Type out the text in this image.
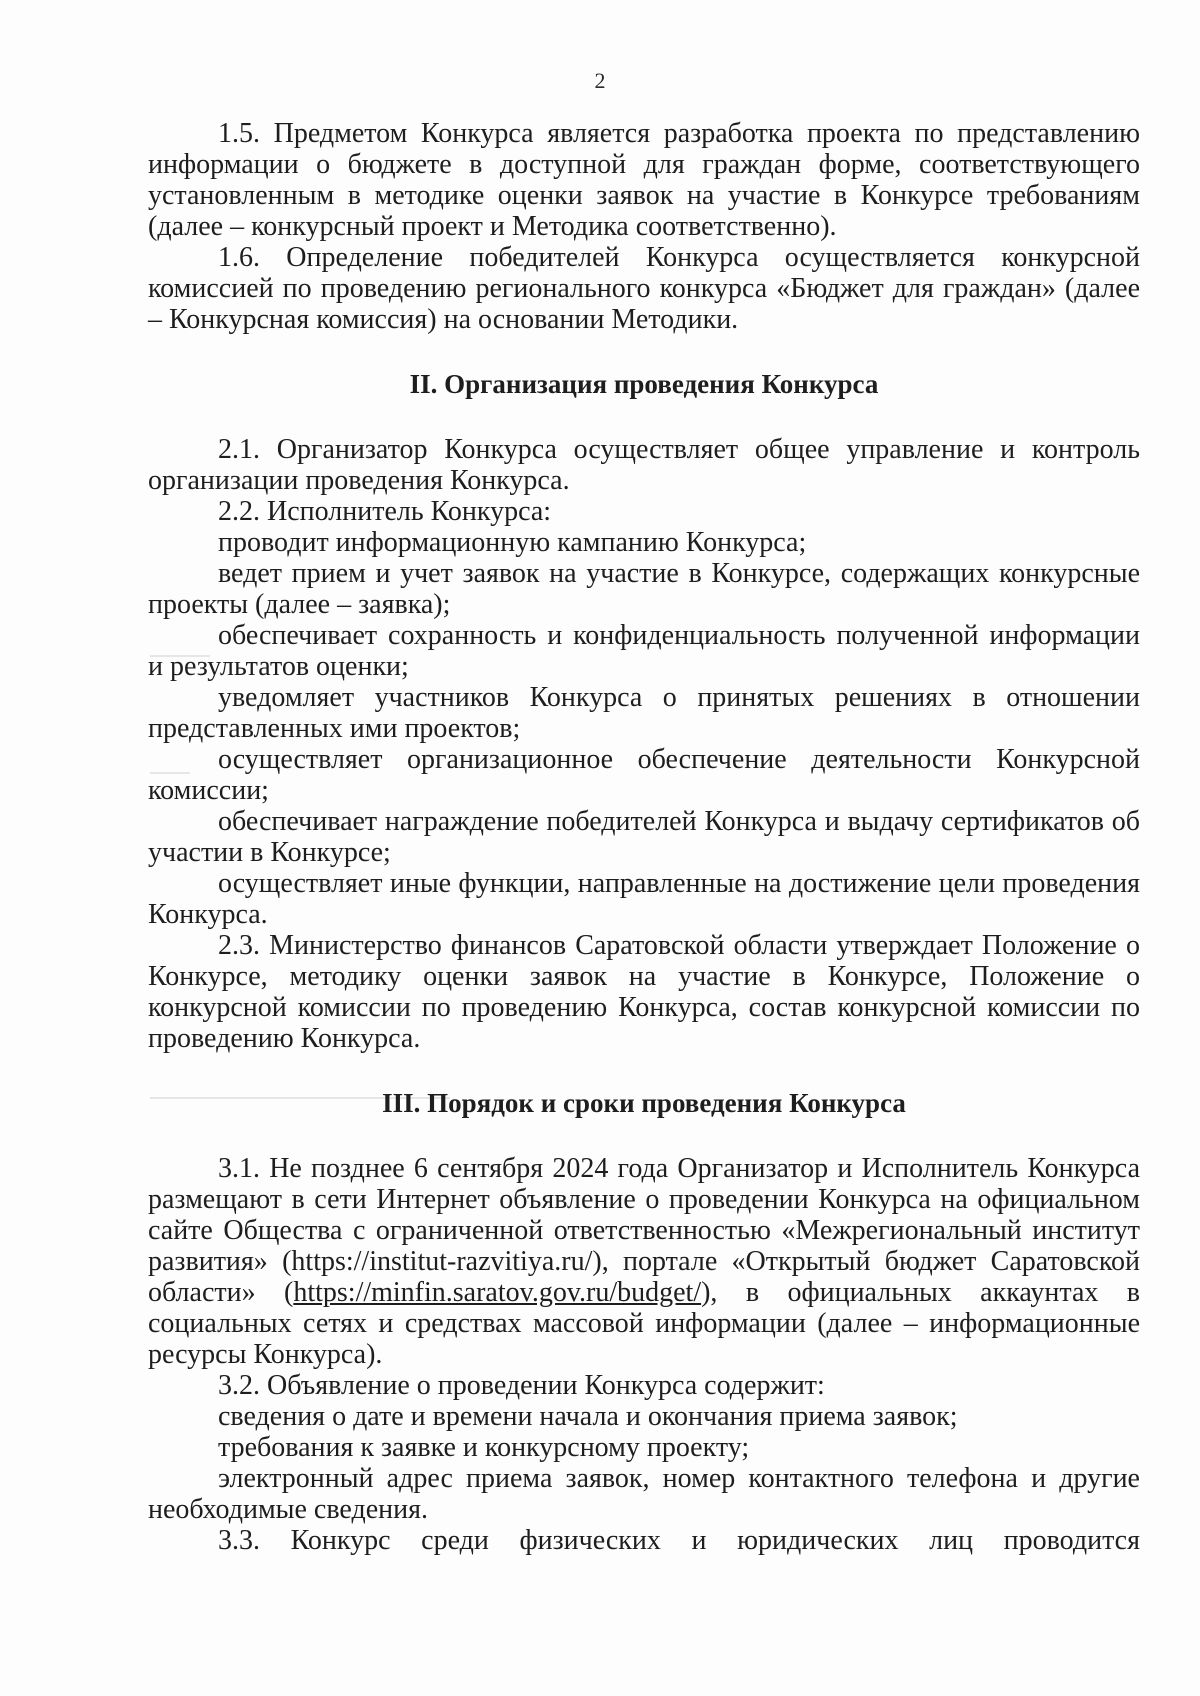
2

1.5. Предметом Конкурса является разработка проекта по представлению информации о бюджете в доступной для граждан форме, соответствующего установленным в методике оценки заявок на участие в Конкурсе требованиям (далее – конкурсный проект и Методика соответственно).

1.6. Определение победителей Конкурса осуществляется конкурсной комиссией по проведению регионального конкурса «Бюджет для граждан» (далее – Конкурсная комиссия) на основании Методики.

II. Организация проведения Конкурса

2.1. Организатор Конкурса осуществляет общее управление и контроль организации проведения Конкурса.

2.2. Исполнитель Конкурса:

проводит информационную кампанию Конкурса;

ведет прием и учет заявок на участие в Конкурсе, содержащих конкурсные проекты (далее – заявка);

обеспечивает сохранность и конфиденциальность полученной информации и результатов оценки;

уведомляет участников Конкурса о принятых решениях в отношении представленных ими проектов;

осуществляет организационное обеспечение деятельности Конкурсной комиссии;

обеспечивает награждение победителей Конкурса и выдачу сертификатов об участии в Конкурсе;

осуществляет иные функции, направленные на достижение цели проведения Конкурса.

2.3. Министерство финансов Саратовской области утверждает Положение о Конкурсе, методику оценки заявок на участие в Конкурсе, Положение о конкурсной комиссии по проведению Конкурса, состав конкурсной комиссии по проведению Конкурса.

III. Порядок и сроки проведения Конкурса

3.1. Не позднее 6 сентября 2024 года Организатор и Исполнитель Конкурса размещают в сети Интернет объявление о проведении Конкурса на официальном сайте Общества с ограниченной ответственностью «Межрегиональный институт развития» (https://institut-razvitiya.ru/), портале «Открытый бюджет Саратовской области» (https://minfin.saratov.gov.ru/budget/), в официальных аккаунтах в социальных сетях и средствах массовой информации (далее – информационные ресурсы Конкурса).

3.2. Объявление о проведении Конкурса содержит:

сведения о дате и времени начала и окончания приема заявок;

требования к заявке и конкурсному проекту;

электронный адрес приема заявок, номер контактного телефона и другие необходимые сведения.

3.3. Конкурс среди физических и юридических лиц проводится
